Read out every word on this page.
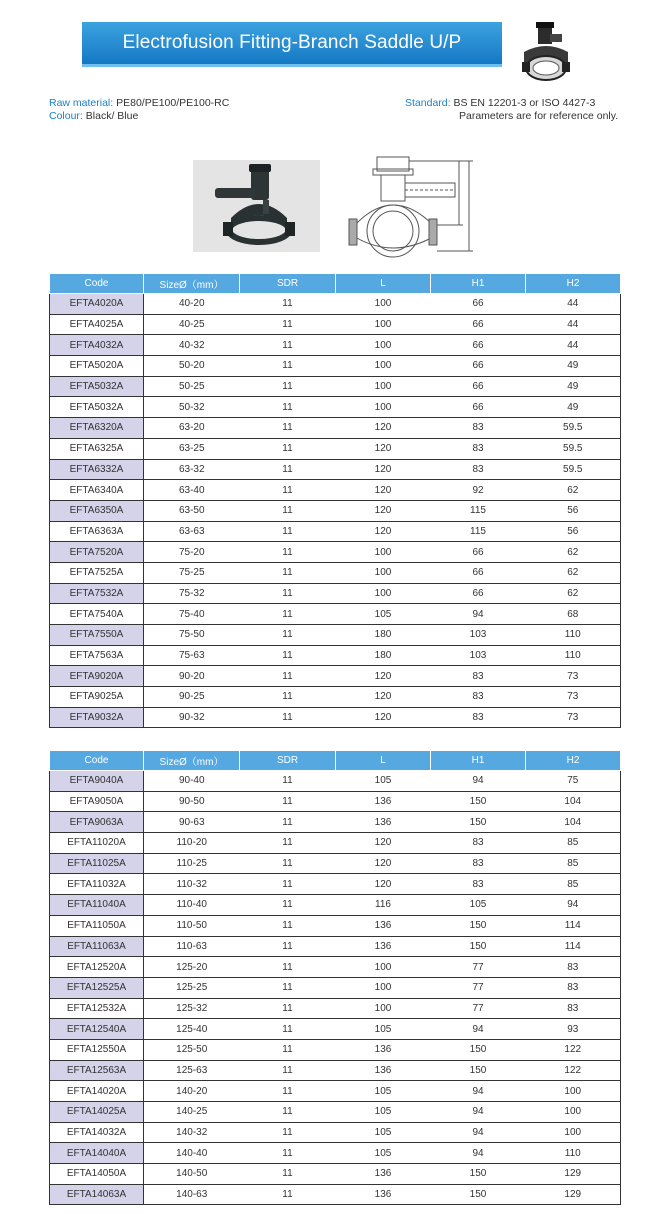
Electrofusion Fitting-Branch Saddle U/P
Raw material: PE80/PE100/PE100-RC
Colour: Black/ Blue
Standard: BS EN 12201-3 or ISO 4427-3
Parameters are for reference only.
Code	SizeØ（mm）	SDR	L	H1	H2
EFTA4020A	40-20	11	100	66	44
EFTA4025A	40-25	11	100	66	44
EFTA4032A	40-32	11	100	66	44
EFTA5020A	50-20	11	100	66	49
EFTA5032A	50-25	11	100	66	49
EFTA5032A	50-32	11	100	66	49
EFTA6320A	63-20	11	120	83	59.5
EFTA6325A	63-25	11	120	83	59.5
EFTA6332A	63-32	11	120	83	59.5
EFTA6340A	63-40	11	120	92	62
EFTA6350A	63-50	11	120	115	56
EFTA6363A	63-63	11	120	115	56
EFTA7520A	75-20	11	100	66	62
EFTA7525A	75-25	11	100	66	62
EFTA7532A	75-32	11	100	66	62
EFTA7540A	75-40	11	105	94	68
EFTA7550A	75-50	11	180	103	110
EFTA7563A	75-63	11	180	103	110
EFTA9020A	90-20	11	120	83	73
EFTA9025A	90-25	11	120	83	73
EFTA9032A	90-32	11	120	83	73
Code	SizeØ（mm）	SDR	L	H1	H2
EFTA9040A	90-40	11	105	94	75
EFTA9050A	90-50	11	136	150	104
EFTA9063A	90-63	11	136	150	104
EFTA11020A	110-20	11	120	83	85
EFTA11025A	110-25	11	120	83	85
EFTA11032A	110-32	11	120	83	85
EFTA11040A	110-40	11	116	105	94
EFTA11050A	110-50	11	136	150	114
EFTA11063A	110-63	11	136	150	114
EFTA12520A	125-20	11	100	77	83
EFTA12525A	125-25	11	100	77	83
EFTA12532A	125-32	11	100	77	83
EFTA12540A	125-40	11	105	94	93
EFTA12550A	125-50	11	136	150	122
EFTA12563A	125-63	11	136	150	122
EFTA14020A	140-20	11	105	94	100
EFTA14025A	140-25	11	105	94	100
EFTA14032A	140-32	11	105	94	100
EFTA14040A	140-40	11	105	94	110
EFTA14050A	140-50	11	136	150	129
EFTA14063A	140-63	11	136	150	129
